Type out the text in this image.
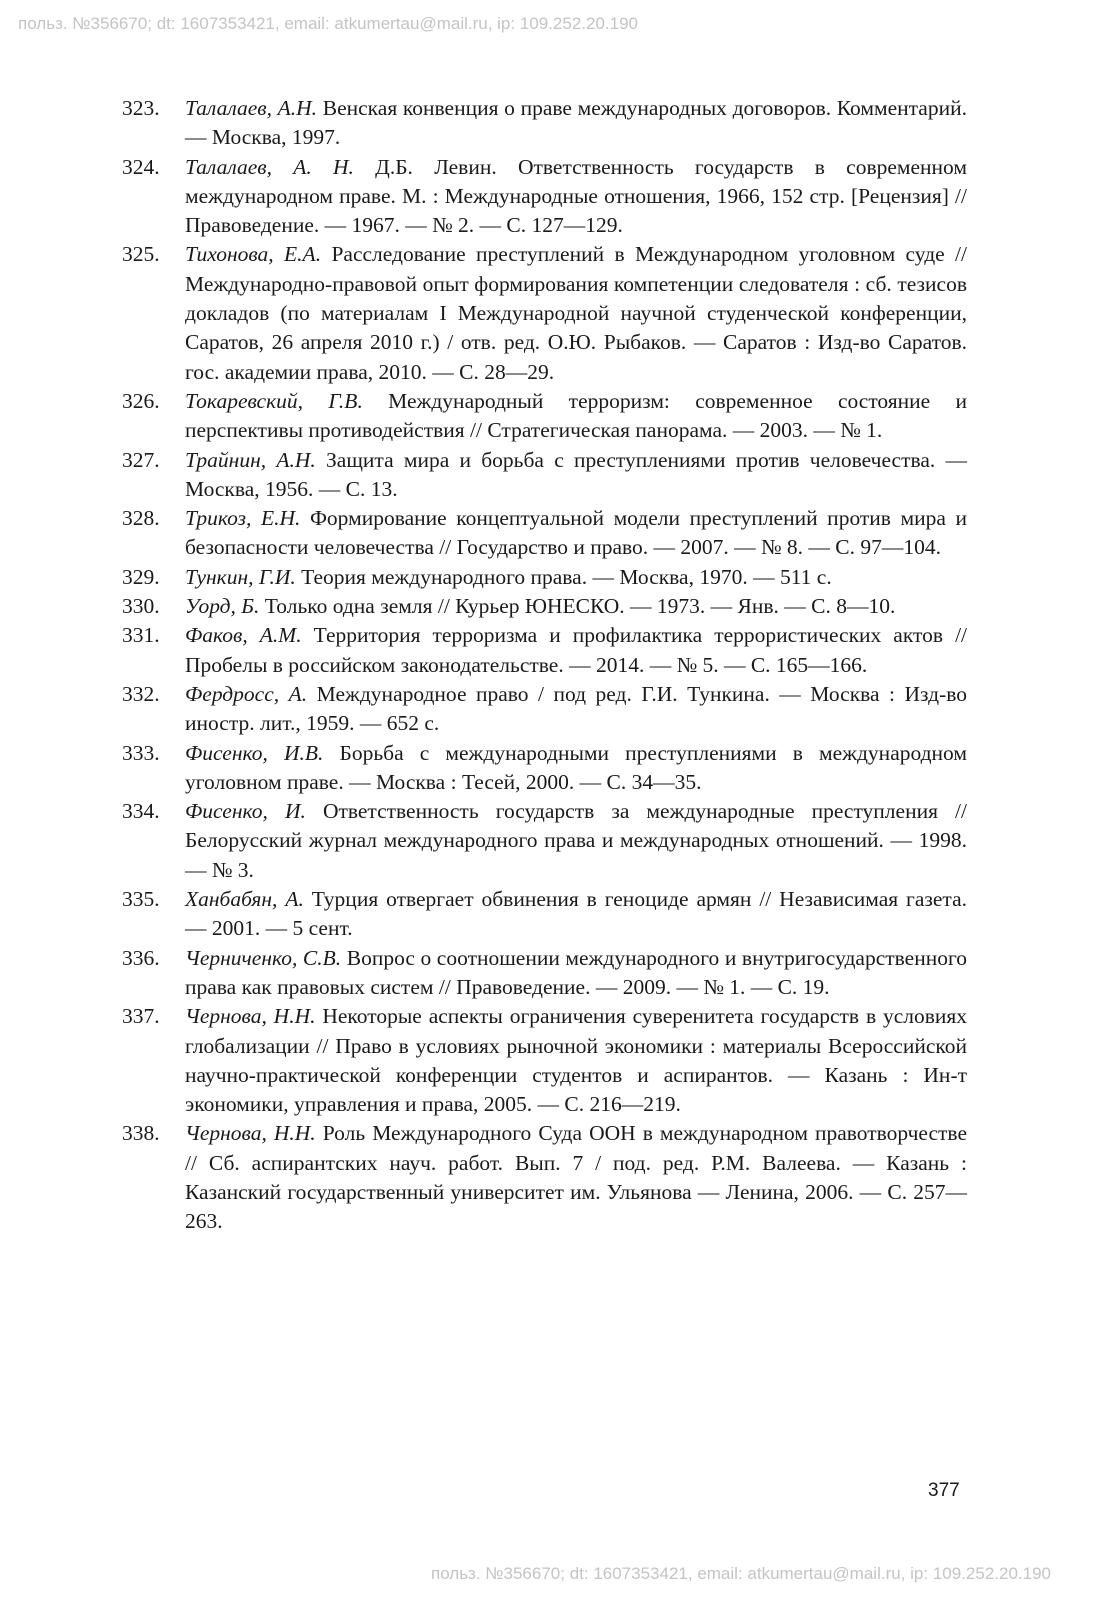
польз. №356670; dt: 1607353421, email: atkumertau@mail.ru, ip: 109.252.20.190
323. Талалаев, А.Н. Венская конвенция о праве международных договоров. Комментарий. — Москва, 1997.
324. Талалаев, А. Н. Д.Б. Левин. Ответственность государств в современном международном праве. М. : Международные отношения, 1966, 152 стр. [Рецензия] // Правоведение. — 1967. — № 2. — С. 127—129.
325. Тихонова, Е.А. Расследование преступлений в Международном уголовном суде // Международно-правовой опыт формирования компетенции следователя : сб. тезисов докладов (по материалам I Международной научной студенческой конференции, Саратов, 26 апреля 2010 г.) / отв. ред. О.Ю. Рыбаков. — Саратов : Изд-во Саратов. гос. академии права, 2010. — С. 28—29.
326. Токаревский, Г.В. Международный терроризм: современное состояние и перспективы противодействия // Стратегическая панорама. — 2003. — № 1.
327. Трайнин, А.Н. Защита мира и борьба с преступлениями против человечества. — Москва, 1956. — С. 13.
328. Трикоз, Е.Н. Формирование концептуальной модели преступлений против мира и безопасности человечества // Государство и право. — 2007. — № 8. — С. 97—104.
329. Тункин, Г.И. Теория международного права. — Москва, 1970. — 511 с.
330. Уорд, Б. Только одна земля // Курьер ЮНЕСКО. — 1973. — Янв. — С. 8—10.
331. Факов, А.М. Территория терроризма и профилактика террористических актов // Пробелы в российском законодательстве. — 2014. — № 5. — С. 165—166.
332. Фердросс, А. Международное право / под ред. Г.И. Тункина. — Москва : Изд-во иностр. лит., 1959. — 652 с.
333. Фисенко, И.В. Борьба с международными преступлениями в международном уголовном праве. — Москва : Тесей, 2000. — С. 34—35.
334. Фисенко, И. Ответственность государств за международные преступления // Белорусский журнал международного права и международных отношений. — 1998. — № 3.
335. Ханбабян, А. Турция отвергает обвинения в геноциде армян // Независимая газета. — 2001. — 5 сент.
336. Черниченко, С.В. Вопрос о соотношении международного и внутригосударственного права как правовых систем // Правоведение. — 2009. — № 1. — С. 19.
337. Чернова, Н.Н. Некоторые аспекты ограничения суверенитета государств в условиях глобализации // Право в условиях рыночной экономики : материалы Всероссийской научно-практической конференции студентов и аспирантов. — Казань : Ин-т экономики, управления и права, 2005. — С. 216—219.
338. Чернова, Н.Н. Роль Международного Суда ООН в международном правотворчестве // Сб. аспирантских науч. работ. Вып. 7 / под. ред. Р.М. Валеева. — Казань : Казанский государственный университет им. Ульянова — Ленина, 2006. — С. 257—263.
377
польз. №356670; dt: 1607353421, email: atkumertau@mail.ru, ip: 109.252.20.190
